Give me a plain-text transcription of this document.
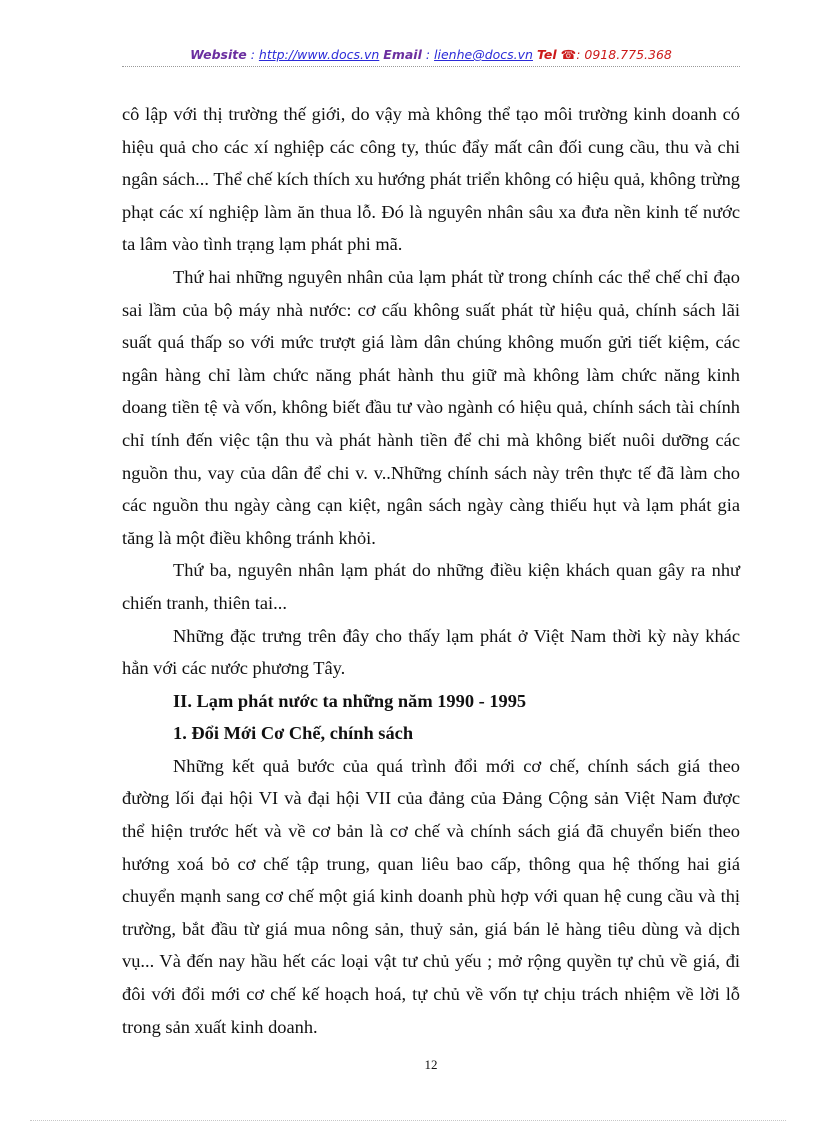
Website : http://www.docs.vn Email : lienhe@docs.vn Tel ☎: 0918.775.368

cô lập với thị trường thế giới, do vậy mà không thể tạo môi trường kinh doanh có hiệu quả cho các xí nghiệp các công ty, thúc đẩy mất cân đối cung cầu, thu và chi ngân sách... Thể chế kích thích xu hướng phát triển không có hiệu quả, không trừng phạt các xí nghiệp làm ăn thua lỗ. Đó là nguyên nhân sâu xa đưa nền kinh tế nước ta lâm vào tình trạng lạm phát phi mã.

Thứ hai những nguyên nhân của lạm phát từ trong chính các thể chế chỉ đạo sai lầm của bộ máy nhà nước: cơ cấu không suất phát từ hiệu quả, chính sách lãi suất quá thấp so với mức trượt giá làm dân chúng không muốn gửi tiết kiệm, các ngân hàng chỉ làm chức năng phát hành thu giữ mà không làm chức năng kinh doang tiền tệ và vốn, không biết đầu tư vào ngành có hiệu quả, chính sách tài chính chỉ tính đến việc tận thu và phát hành tiền để chi mà không biết nuôi dưỡng các nguồn thu, vay của dân để chi v. v..Những chính sách này trên thực tế đã làm cho các nguồn thu ngày càng cạn kiệt, ngân sách ngày càng thiếu hụt và lạm phát gia tăng là một điều không tránh khỏi.

Thứ ba, nguyên nhân lạm phát do những điều kiện khách quan gây ra như chiến tranh, thiên tai...

Những đặc trưng trên đây cho thấy lạm phát ở Việt Nam thời kỳ này khác hẳn với các nước phương Tây.

II. Lạm phát nước ta những năm 1990 - 1995

1. Đổi Mới Cơ Chế, chính sách

Những kết quả bước của quá trình đổi mới cơ chế, chính sách giá theo đường lối đại hội VI và đại hội VII của đảng của Đảng Cộng sản Việt Nam được thể hiện trước hết và về cơ bản là cơ chế và chính sách giá đã chuyển biến theo hướng xoá bỏ cơ chế tập trung, quan liêu bao cấp, thông qua hệ thống hai giá chuyển mạnh sang cơ chế một giá kinh doanh phù hợp với quan hệ cung cầu và thị trường, bắt đầu từ giá mua nông sản, thuỷ sản, giá bán lẻ hàng tiêu dùng và dịch vụ... Và đến nay hầu hết các loại vật tư chủ yếu ; mở rộng quyền tự chủ về giá, đi đôi với đổi mới cơ chế kế hoạch hoá, tự chủ về vốn tự chịu trách nhiệm về lời lỗ trong sản xuất kinh doanh.

12
